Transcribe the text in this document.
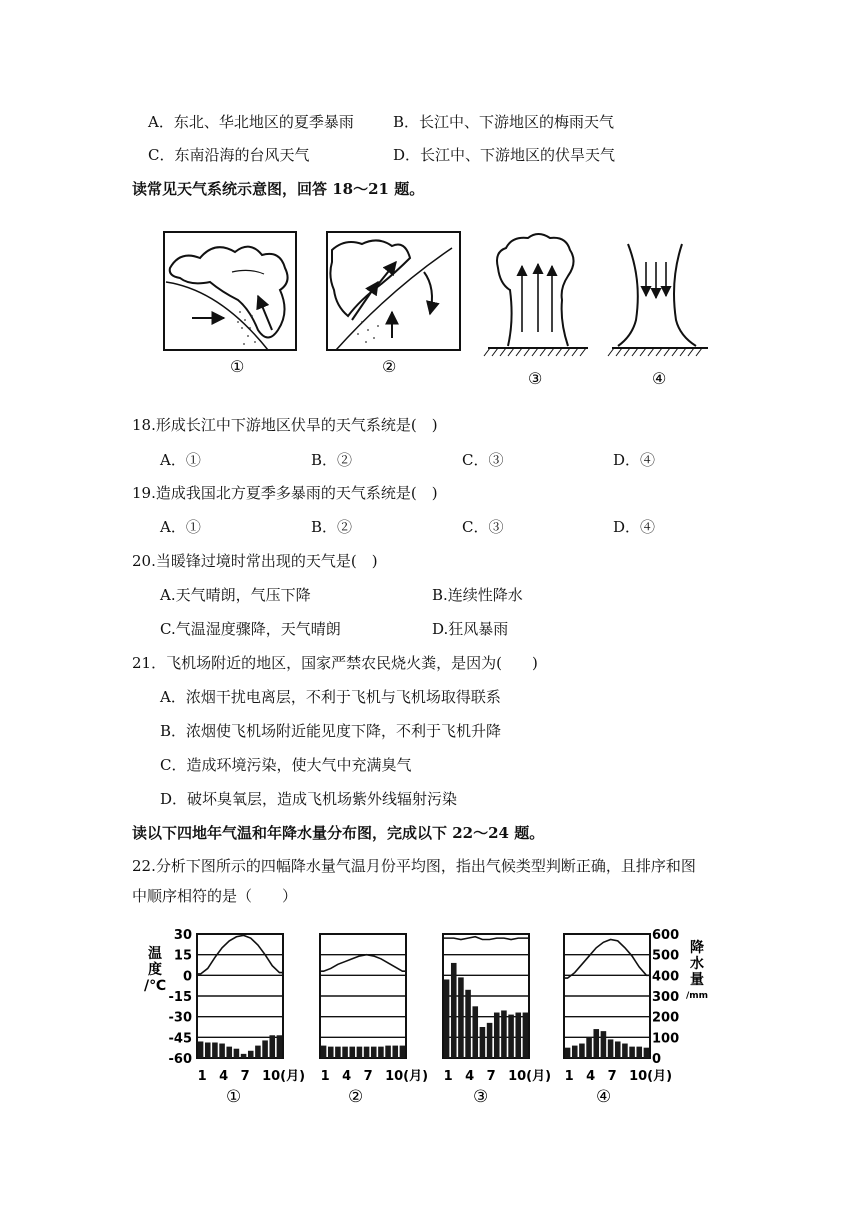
A．东北、华北地区的夏季暴雨	B．长江中、下游地区的梅雨天气
C．东南沿海的台风天气	D．长江中、下游地区的伏旱天气
读常见天气系统示意图，回答 18～21 题。
①	②
③	④
18.形成长江中下游地区伏旱的天气系统是(　)
A．①	B．②	C．③	D．④
19.造成我国北方夏季多暴雨的天气系统是(　)
A．①	B．②	C．③	D．④
20.当暖锋过境时常出现的天气是(　)
A.天气晴朗，气压下降	B.连续性降水
C.气温湿度骤降，天气晴朗	D.狂风暴雨
21．飞机场附近的地区，国家严禁农民烧火粪，是因为(　　)
A．浓烟干扰电离层，不利于飞机与飞机场取得联系
B．浓烟使飞机场附近能见度下降，不利于飞机升降
C．造成环境污染，使大气中充满臭气
D．破坏臭氧层，造成飞机场紫外线辐射污染
读以下四地年气温和年降水量分布图，完成以下 22～24 题。
22.分析下图所示的四幅降水量气温月份平均图，指出气候类型判断正确，且排序和图
中顺序相符的是（　　）
温
度
/℃
30
15
0
-15
-30
-45
-60
降
水
量
/mm
600
500
400
300
200
100
0
1 4 7 10(月)
①
1 4 7 10(月)
②
1 4 7 10(月)
③
1 4 7 10(月)
④
